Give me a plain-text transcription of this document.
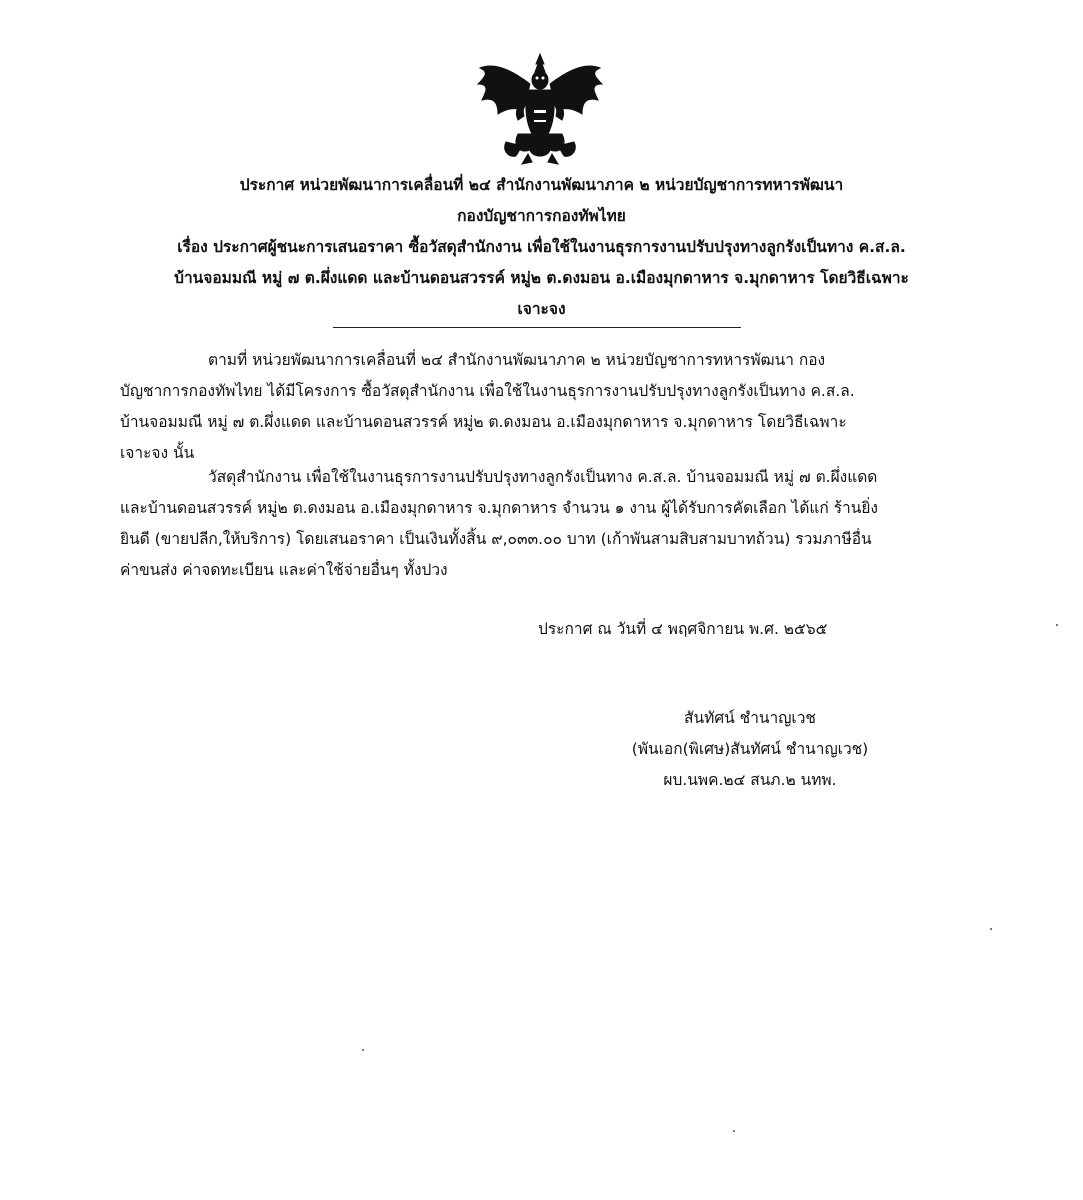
ประกาศ หน่วยพัฒนาการเคลื่อนที่ ๒๔ สำนักงานพัฒนาภาค ๒ หน่วยบัญชาการทหารพัฒนา
กองบัญชาการกองทัพไทย
เรื่อง ประกาศผู้ชนะการเสนอราคา ซื้อวัสดุสำนักงาน เพื่อใช้ในงานธุรการงานปรับปรุงทางลูกรังเป็นทาง ค.ส.ล.
บ้านจอมมณี หมู่ ๗ ต.ผึ่งแดด และบ้านดอนสวรรค์ หมู่๒ ต.ดงมอน อ.เมืองมุกดาหาร จ.มุกดาหาร โดยวิธีเฉพาะ
เจาะจง
ตามที่ หน่วยพัฒนาการเคลื่อนที่ ๒๔ สำนักงานพัฒนาภาค ๒ หน่วยบัญชาการทหารพัฒนา กอง
บัญชาการกองทัพไทย ได้มีโครงการ ซื้อวัสดุสำนักงาน เพื่อใช้ในงานธุรการงานปรับปรุงทางลูกรังเป็นทาง ค.ส.ล.
บ้านจอมมณี หมู่ ๗ ต.ผึ่งแดด และบ้านดอนสวรรค์ หมู่๒ ต.ดงมอน อ.เมืองมุกดาหาร จ.มุกดาหาร โดยวิธีเฉพาะ
เจาะจง นั้น
วัสดุสำนักงาน เพื่อใช้ในงานธุรการงานปรับปรุงทางลูกรังเป็นทาง ค.ส.ล. บ้านจอมมณี หมู่ ๗ ต.ผึ่งแดด
และบ้านดอนสวรรค์ หมู่๒ ต.ดงมอน อ.เมืองมุกดาหาร จ.มุกดาหาร จำนวน ๑ งาน ผู้ได้รับการคัดเลือก ได้แก่ ร้านยิ่ง
ยินดี (ขายปลีก,ให้บริการ) โดยเสนอราคา เป็นเงินทั้งสิ้น ๙,๐๓๓.๐๐ บาท (เก้าพันสามสิบสามบาทถ้วน) รวมภาษีอื่น
ค่าขนส่ง ค่าจดทะเบียน และค่าใช้จ่ายอื่นๆ ทั้งปวง
ประกาศ ณ วันที่ ๔ พฤศจิกายน พ.ศ. ๒๕๖๕
สันทัศน์ ชำนาญเวช
(พันเอก(พิเศษ)สันทัศน์ ชำนาญเวช)
ผบ.นพค.๒๔ สนภ.๒ นทพ.
